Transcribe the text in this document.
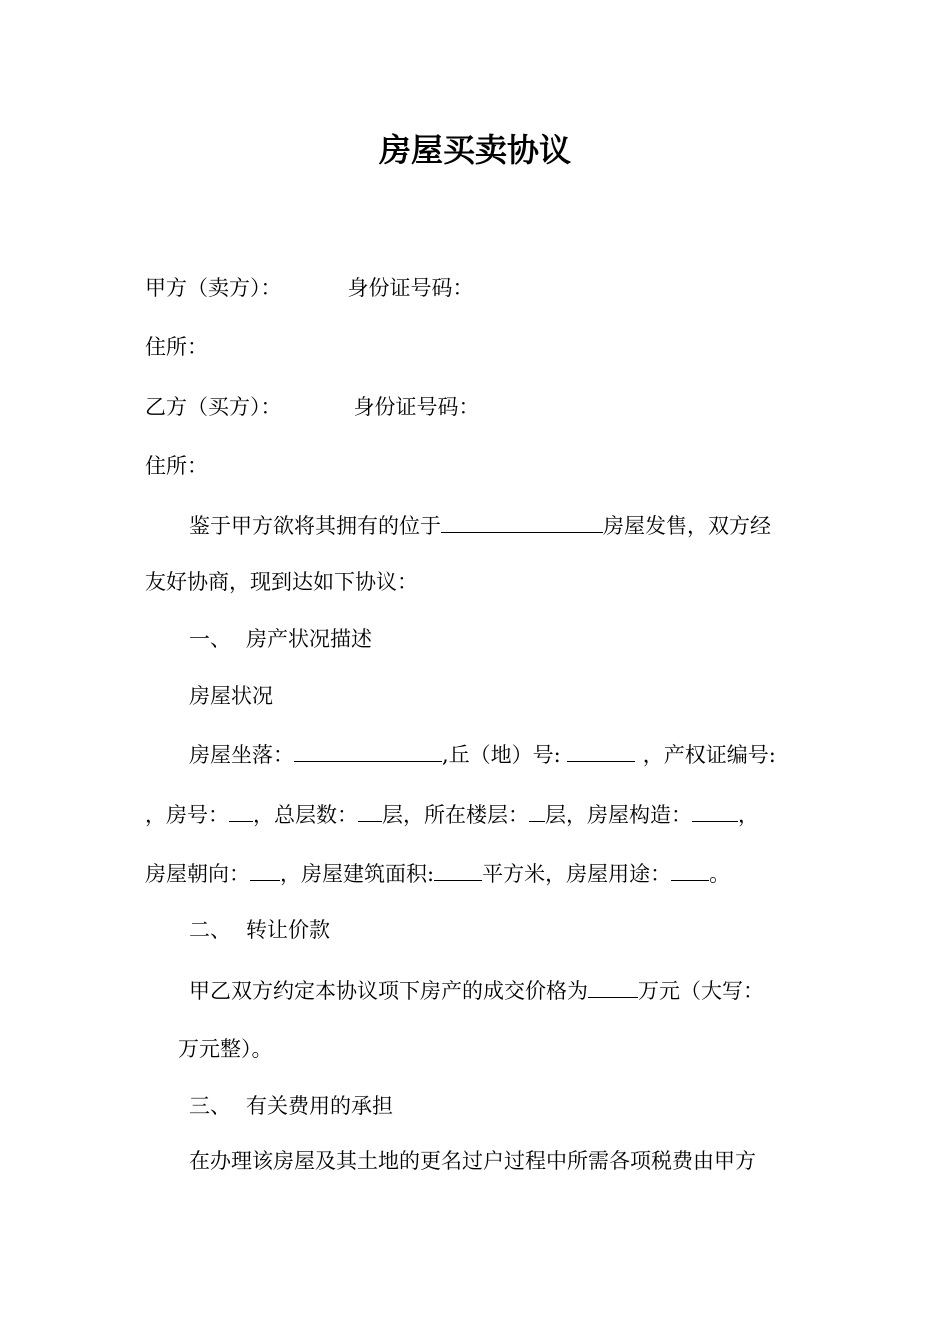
房屋买卖协议
甲方（卖方）：	身份证号码：
住所：
乙方（买方）：	身份证号码：
住所：
鉴于甲方欲将其拥有的位于	房屋发售，双方经
友好协商，现到达如下协议：
一、 房产状况描述
房屋状况
房屋坐落：	,丘（地）号:	，产权证编号:
，房号： ，总层数： 层，所在楼层： 层，房屋构造： ，
房屋朝向： ，房屋建筑面积: 平方米，房屋用途： 。
二、 转让价款
甲乙双方约定本协议项下房产的成交价格为 万元（大写：
万元整）。
三、 有关费用的承担
在办理该房屋及其土地的更名过户过程中所需各项税费由甲方
